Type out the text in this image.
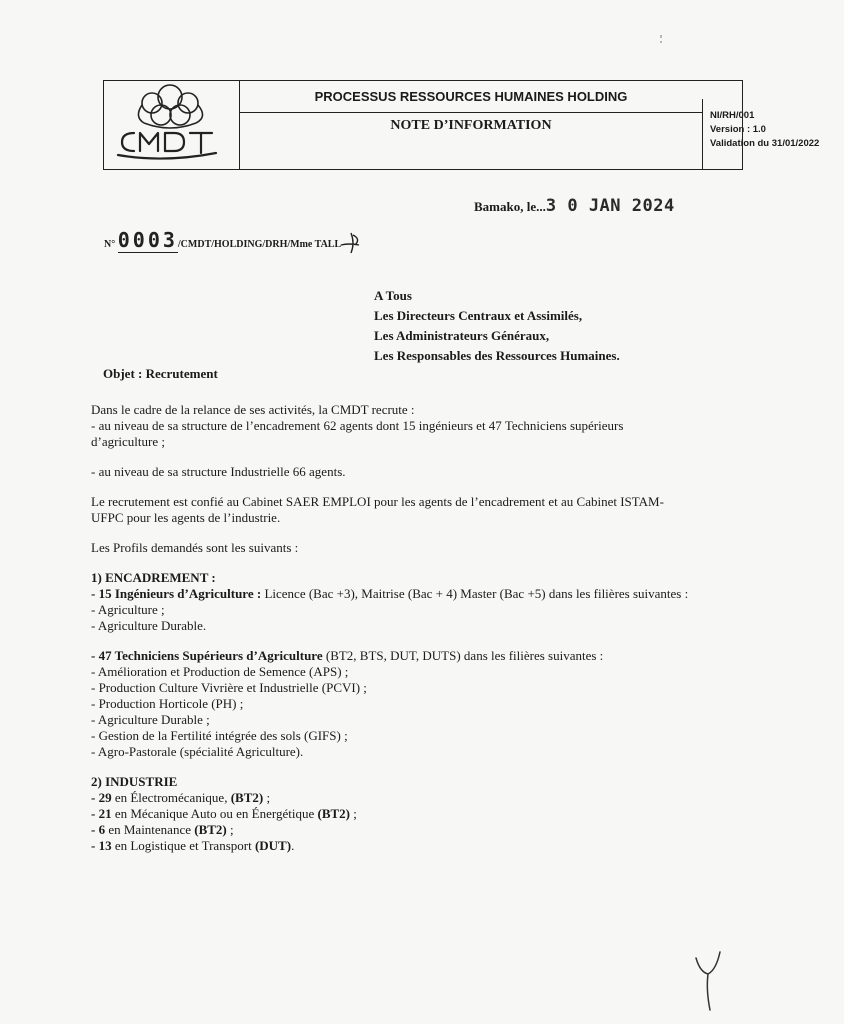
PROCESSUS RESSOURCES HUMAINES HOLDING
NOTE D’INFORMATION
NI/RH/001
Version : 1.0
Validation du 31/01/2022
Bamako, le...3 0 JAN 2024
N° 0003/CMDT/HOLDING/DRH/Mme TALL
A Tous
Les Directeurs Centraux et Assimilés,
Les Administrateurs Généraux,
Les Responsables des Ressources Humaines.
Objet : Recrutement

Dans le cadre de la relance de ses activités, la CMDT recrute :

- au niveau de sa structure de l’encadrement 62 agents dont 15 ingénieurs et 47 Techniciens supérieurs d’agriculture ;

- au niveau de sa structure Industrielle 66 agents.

Le recrutement est confié au Cabinet SAER EMPLOI pour les agents de l’encadrement et au Cabinet ISTAM-UFPC pour les agents de l’industrie.

Les Profils demandés sont les suivants :

1) ENCADREMENT :

- 15 Ingénieurs d’Agriculture : Licence (Bac +3), Maitrise (Bac + 4) Master (Bac +5) dans les filières suivantes :

- Agriculture ;

- Agriculture Durable.

- 47 Techniciens Supérieurs d’Agriculture (BT2, BTS, DUT, DUTS) dans les filières suivantes :

- Amélioration et Production de Semence (APS) ;

- Production Culture Vivrière et Industrielle (PCVI) ;

- Production Horticole (PH) ;

- Agriculture Durable ;

- Gestion de la Fertilité intégrée des sols (GIFS) ;

- Agro-Pastorale (spécialité Agriculture).

2) INDUSTRIE

- 29 en Électromécanique, (BT2) ;

- 21 en Mécanique Auto ou en Énergétique (BT2) ;

- 6 en Maintenance (BT2) ;

- 13 en Logistique et Transport (DUT).
